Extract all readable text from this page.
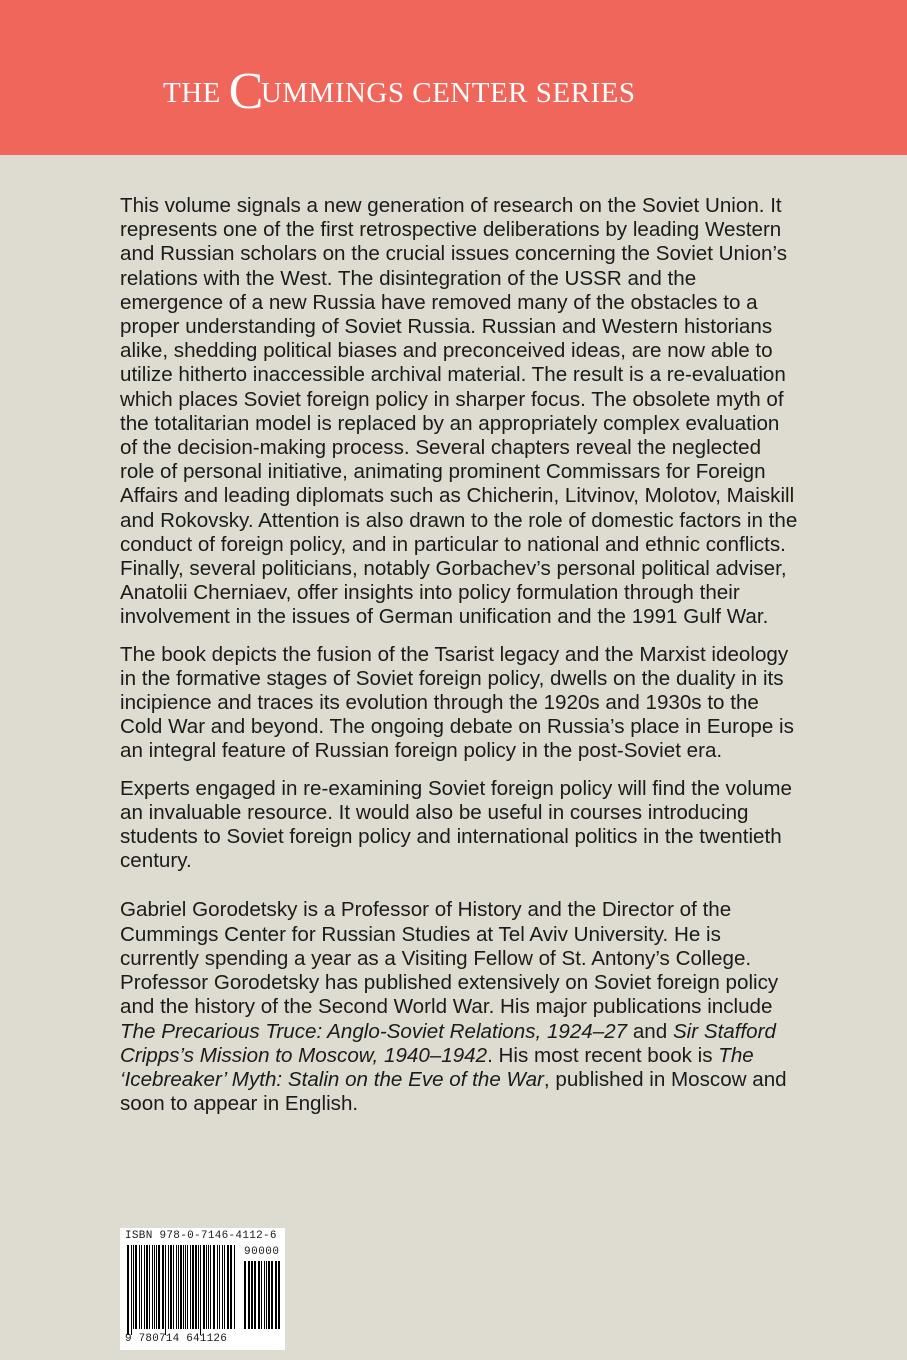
THE CUMMINGS CENTER SERIES

This volume signals a new generation of research on the Soviet Union. It represents one of the first retrospective deliberations by leading Western and Russian scholars on the crucial issues concerning the Soviet Union’s relations with the West. The disintegration of the USSR and the emergence of a new Russia have removed many of the obstacles to a proper understanding of Soviet Russia. Russian and Western historians alike, shedding political biases and preconceived ideas, are now able to utilize hitherto inaccessible archival material. The result is a re-evaluation which places Soviet foreign policy in sharper focus. The obsolete myth of the totalitarian model is replaced by an appropriately complex evaluation of the decision-making process. Several chapters reveal the neglected role of personal initiative, animating prominent Commissars for Foreign Affairs and leading diplomats such as Chicherin, Litvinov, Molotov, Maiskill and Rokovsky. Attention is also drawn to the role of domestic factors in the conduct of foreign policy, and in particular to national and ethnic conflicts. Finally, several politicians, notably Gorbachev’s personal political adviser, Anatolii Cherniaev, offer insights into policy formulation through their involvement in the issues of German unification and the 1991 Gulf War.

The book depicts the fusion of the Tsarist legacy and the Marxist ideology in the formative stages of Soviet foreign policy, dwells on the duality in its incipience and traces its evolution through the 1920s and 1930s to the Cold War and beyond. The ongoing debate on Russia’s place in Europe is an integral feature of Russian foreign policy in the post-Soviet era.

Experts engaged in re-examining Soviet foreign policy will find the volume an invaluable resource. It would also be useful in courses introducing students to Soviet foreign policy and international politics in the twentieth century.

Gabriel Gorodetsky is a Professor of History and the Director of the Cummings Center for Russian Studies at Tel Aviv University. He is currently spending a year as a Visiting Fellow of St. Antony’s College. Professor Gorodetsky has published extensively on Soviet foreign policy and the history of the Second World War. His major publications include The Precarious Truce: Anglo-Soviet Relations, 1924–27 and Sir Stafford Cripps’s Mission to Moscow, 1940–1942. His most recent book is The ‘Icebreaker’ Myth: Stalin on the Eve of the War, published in Moscow and soon to appear in English.

ISBN 978-0-7146-4112-6
90000
9 780714 641126
